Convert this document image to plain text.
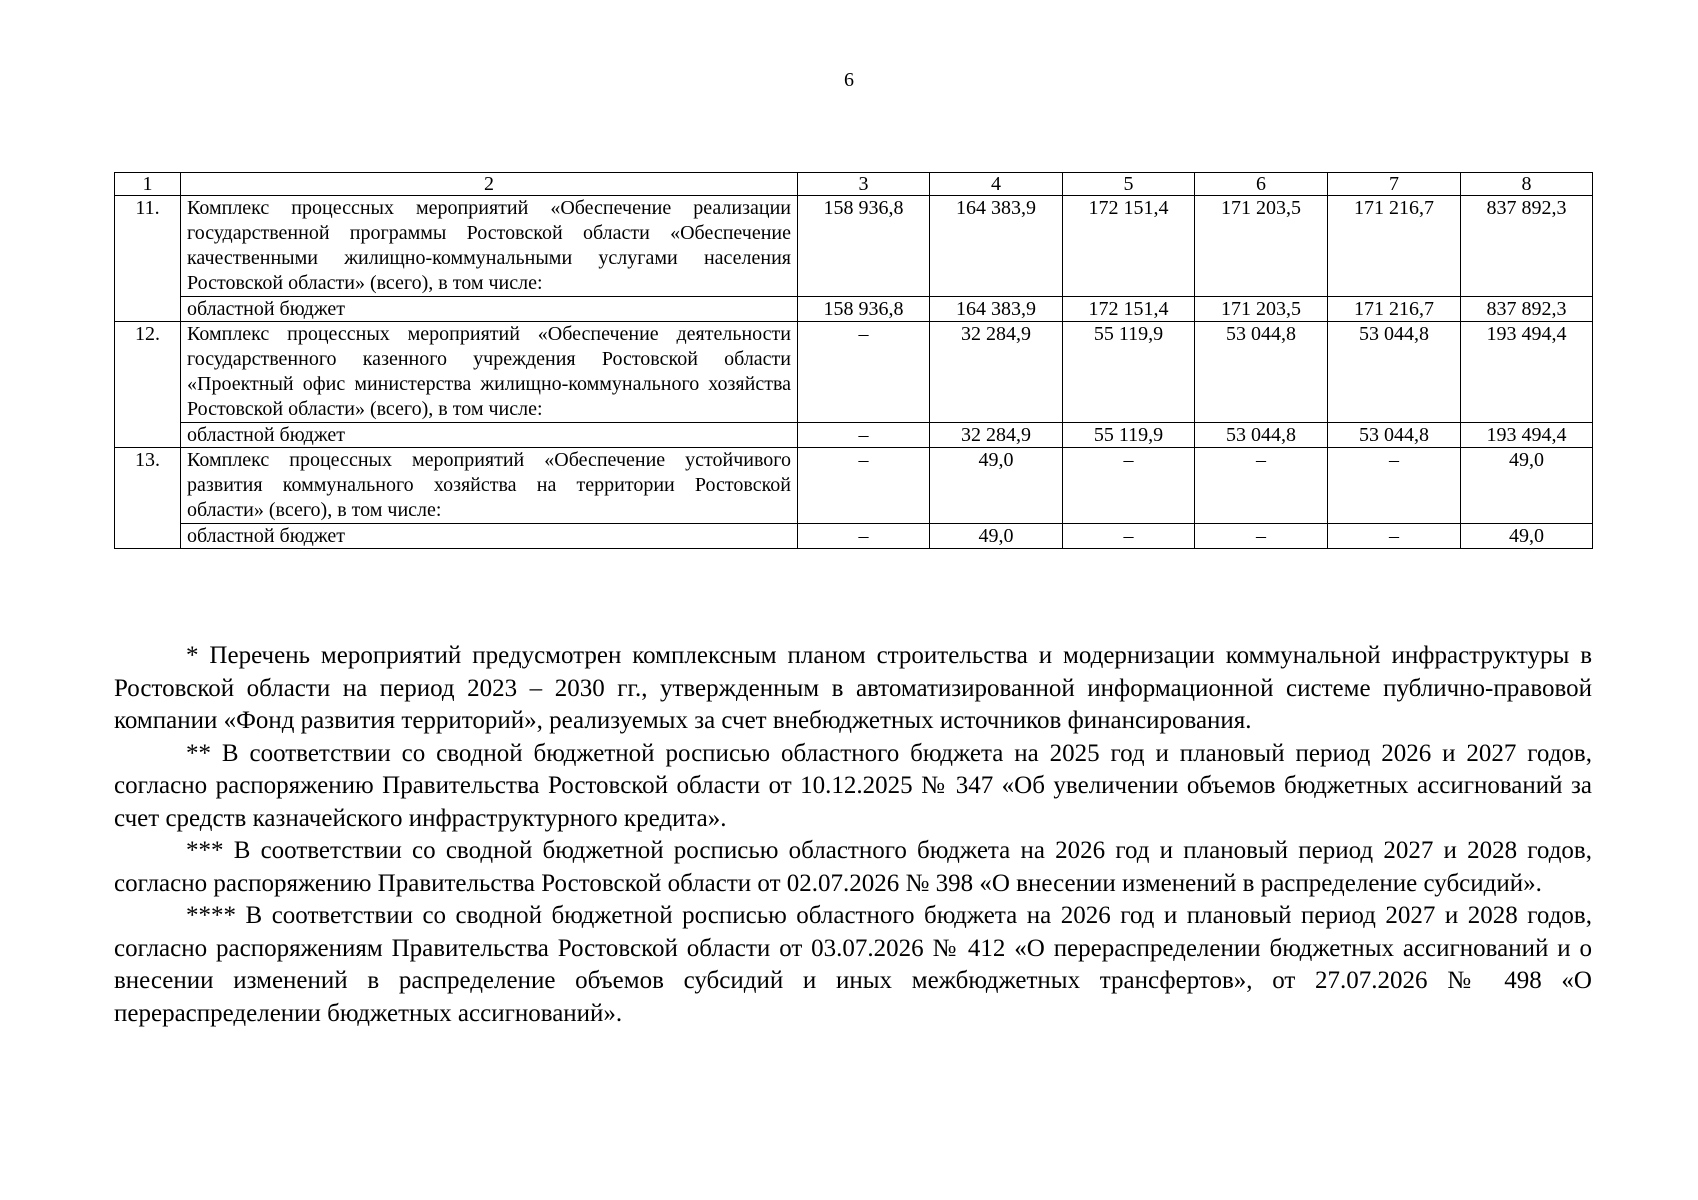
6
1	2	3	4	5	6	7	8
11.	Комплекс процессных мероприятий «Обеспечение реализации государственной программы Ростовской области «Обеспечение качественными жилищно-коммунальными услугами населения Ростовской области» (всего), в том числе:	158 936,8	164 383,9	172 151,4	171 203,5	171 216,7	837 892,3
	областной бюджет	158 936,8	164 383,9	172 151,4	171 203,5	171 216,7	837 892,3
12.	Комплекс процессных мероприятий «Обеспечение деятельности государственного казенного учреждения Ростовской области «Проектный офис министерства жилищно-коммунального хозяйства Ростовской области» (всего), в том числе:	–	32 284,9	55 119,9	53 044,8	53 044,8	193 494,4
	областной бюджет	–	32 284,9	55 119,9	53 044,8	53 044,8	193 494,4
13.	Комплекс процессных мероприятий «Обеспечение устойчивого развития коммунального хозяйства на территории Ростовской области» (всего), в том числе:	–	49,0	–	–	–	49,0
	областной бюджет	–	49,0	–	–	–	49,0

* Перечень мероприятий предусмотрен комплексным планом строительства и модернизации коммунальной инфраструктуры в Ростовской области на период 2023 – 2030 гг., утвержденным в автоматизированной информационной системе публично-правовой компании «Фонд развития территорий», реализуемых за счет внебюджетных источников финансирования.

** В соответствии со сводной бюджетной росписью областного бюджета на 2025 год и плановый период 2026 и 2027 годов, согласно распоряжению Правительства Ростовской области от 10.12.2025 № 347 «Об увеличении объемов бюджетных ассигнований за счет средств казначейского инфраструктурного кредита».

*** В соответствии со сводной бюджетной росписью областного бюджета на 2026 год и плановый период 2027 и 2028 годов, согласно распоряжению Правительства Ростовской области от 02.07.2026 № 398 «О внесении изменений в распределение субсидий».

**** В соответствии со сводной бюджетной росписью областного бюджета на 2026 год и плановый период 2027 и 2028 годов, согласно распоряжениям Правительства Ростовской области от 03.07.2026 № 412 «О перераспределении бюджетных ассигнований и о внесении изменений в распределение объемов субсидий и иных межбюджетных трансфертов», от 27.07.2026 № 498 «О перераспределении бюджетных ассигнований».
